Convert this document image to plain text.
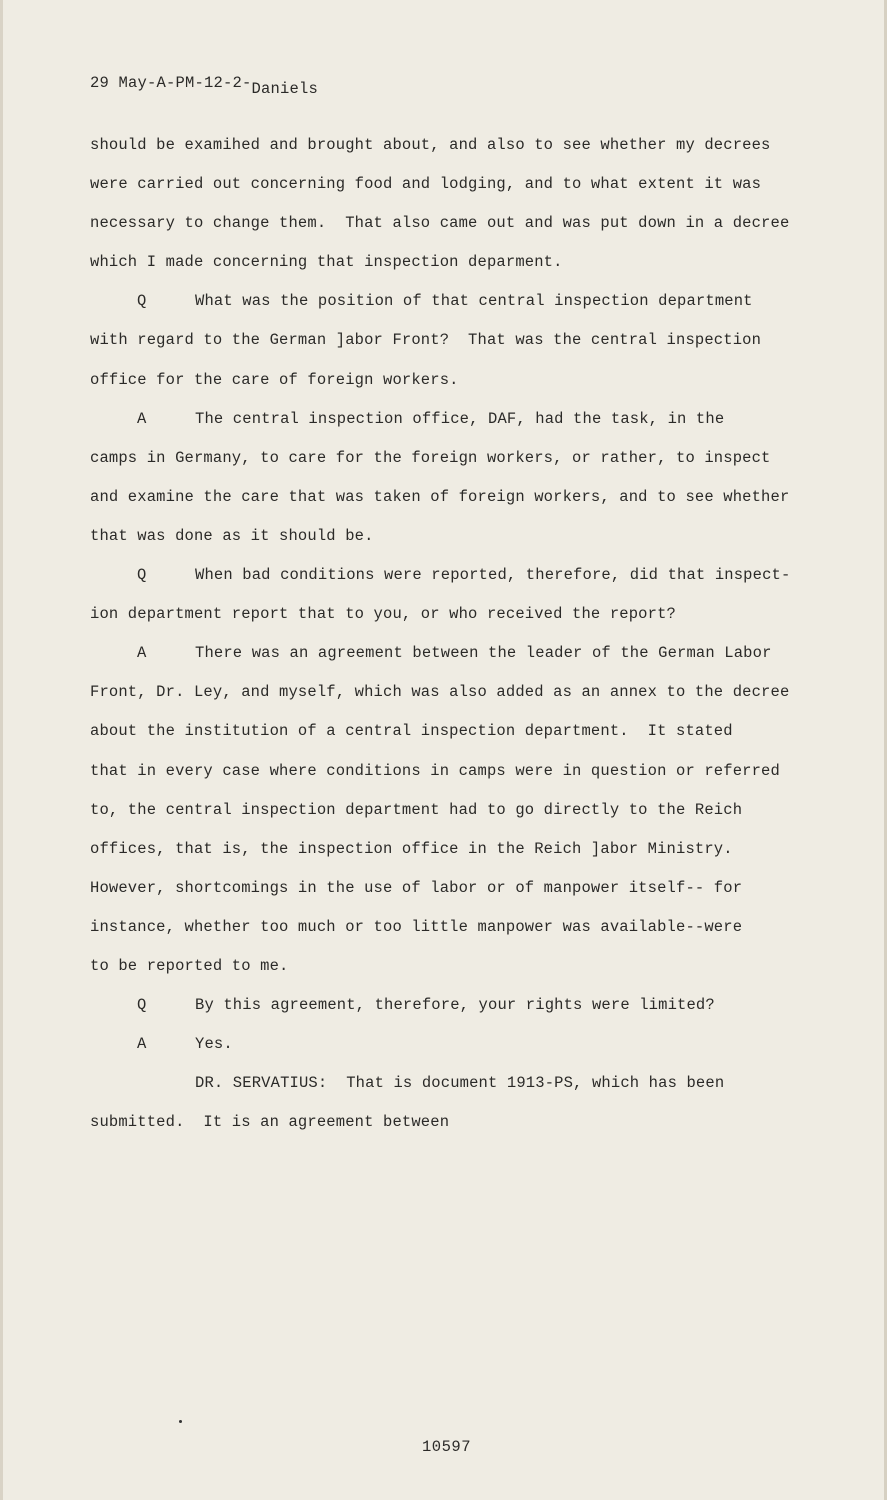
29 May-A-PM-12-2-Daniels
should be examihed and brought about, and also to see whether my decrees
were carried out concerning food and lodging, and to what extent it was
necessary to change them.  That also came out and was put down in a decree
which I made concerning that inspection deparment.
Q	What was the position of that central inspection department
with regard to the German ]abor Front?  That was the central inspection
office for the care of foreign workers.
A	The central inspection office, DAF, had the task, in the
camps in Germany, to care for the foreign workers, or rather, to inspect
and examine the care that was taken of foreign workers, and to see whether
that was done as it should be.
Q	When bad conditions were reported, therefore, did that inspect-
ion department report that to you, or who received the report?
A	There was an agreement between the leader of the German Labor
Front, Dr. Ley, and myself, which was also added as an annex to the decree
about the institution of a central inspection department.  It stated
that in every case where conditions in camps were in question or referred
to, the central inspection department had to go directly to the Reich
offices, that is, the inspection office in the Reich ]abor Ministry.
However, shortcomings in the use of labor or of manpower itself-- for
instance, whether too much or too little manpower was available--were
to be reported to me.
Q	By this agreement, therefore, your rights were limited?
A	Yes.
DR. SERVATIUS:  That is document 1913-PS, which has been
submitted.  It is an agreement between
10597
